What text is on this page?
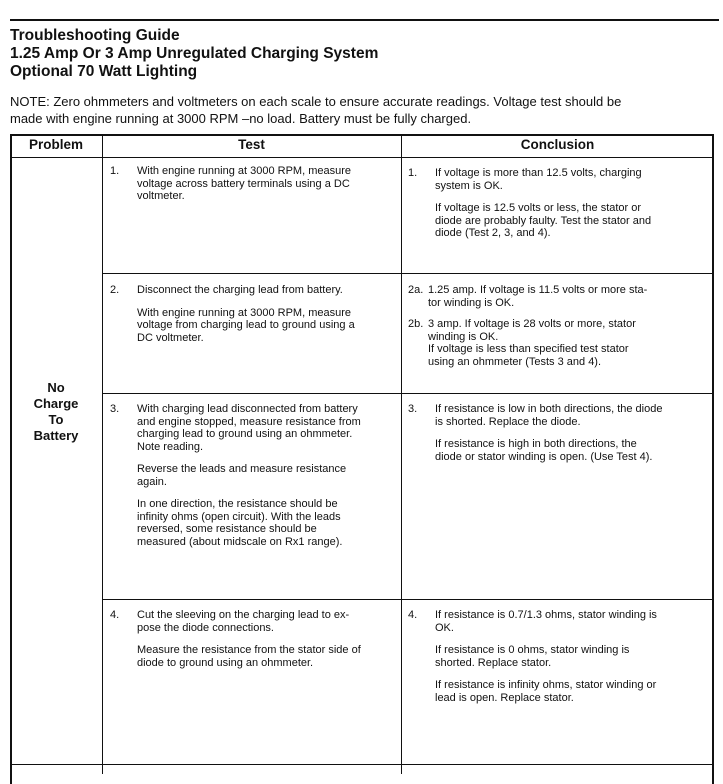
Troubleshooting Guide
1.25 Amp Or 3 Amp Unregulated Charging System
Optional 70 Watt Lighting
NOTE: Zero ohmmeters and voltmeters on each scale to ensure accurate readings. Voltage test should be
made with engine running at 3000 RPM –no load. Battery must be fully charged.
Problem	Test	Conclusion
No
Charge
To
Battery
1. With engine running at 3000 RPM, measure
voltage across battery terminals using a DC
voltmeter.
2. Disconnect the charging lead from battery.
With engine running at 3000 RPM, measure
voltage from charging lead to ground using a
DC voltmeter.
3. With charging lead disconnected from battery
and engine stopped, measure resistance from
charging lead to ground using an ohmmeter.
Note reading.
Reverse the leads and measure resistance
again.
In one direction, the resistance should be
infinity ohms (open circuit). With the leads
reversed, some resistance should be
measured (about midscale on Rx1 range).
4. Cut the sleeving on the charging lead to ex-
pose the diode connections.
Measure the resistance from the stator side of
diode to ground using an ohmmeter.
1. If voltage is more than 12.5 volts, charging
system is OK.
If voltage is 12.5 volts or less, the stator or
diode are probably faulty. Test the stator and
diode (Test 2, 3, and 4).
2a. 1.25 amp. If voltage is 11.5 volts or more sta-
tor winding is OK.
2b. 3 amp. If voltage is 28 volts or more, stator
winding is OK.
If voltage is less than specified test stator
using an ohmmeter (Tests 3 and 4).
3. If resistance is low in both directions, the diode
is shorted. Replace the diode.
If resistance is high in both directions, the
diode or stator winding is open. (Use Test 4).
4. If resistance is 0.7/1.3 ohms, stator winding is
OK.
If resistance is 0 ohms, stator winding is
shorted. Replace stator.
If resistance is infinity ohms, stator winding or
lead is open. Replace stator.
